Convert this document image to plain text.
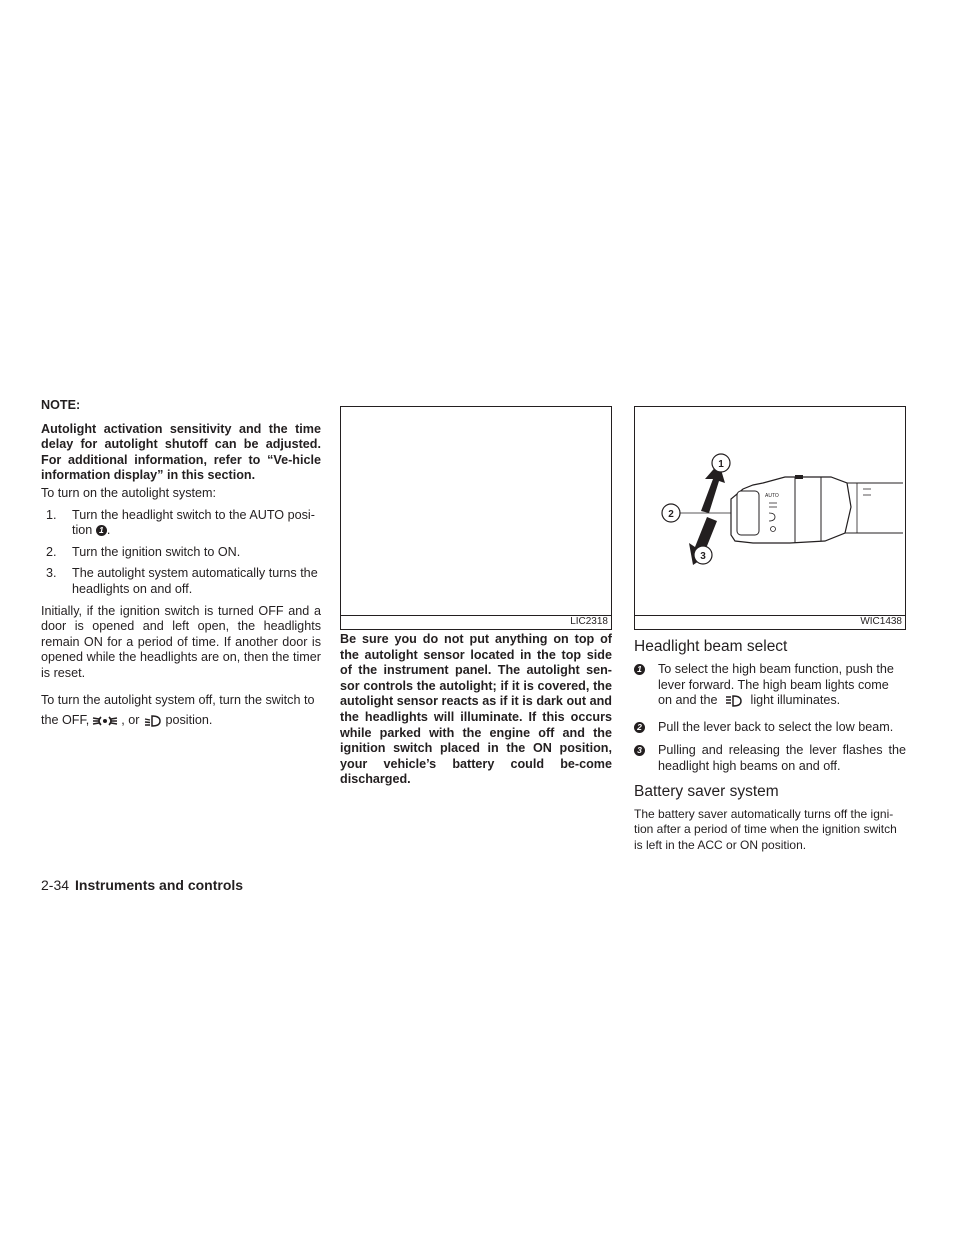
NOTE:

Autolight activation sensitivity and the time delay for autolight shutoff can be adjusted. For additional information, refer to “Ve-hicle information display” in this section.

To turn on the autolight system:

1. Turn the headlight switch to the AUTO posi-tion 1 .
2. Turn the ignition switch to ON.
3. The autolight system automatically turns the headlights on and off.

Initially, if the ignition switch is turned OFF and a door is opened and left open, the headlights remain ON for a period of time. If another door is opened while the headlights are on, then the timer is reset.

To turn the autolight system off, turn the switch to the OFF,	, or position.

LIC2318

Be sure you do not put anything on top of the autolight sensor located in the top side of the instrument panel. The autolight sen-sor controls the autolight; if it is covered, the autolight sensor reacts as if it is dark out and the headlights will illuminate. If this occurs while parked with the engine off and the ignition switch placed in the ON position, your vehicle’s battery could be-come discharged.

AUTO
1
2
3
WIC1438
Headlight beam select
1 To select the high beam function, push the lever forward. The high beam lights come on and the	light illuminates.
2 Pull the lever back to select the low beam.
3 Pulling and releasing the lever flashes the headlight high beams on and off.
Battery saver system

The battery saver automatically turns off the igni-tion after a period of time when the ignition switch is left in the ACC or ON position.

2-34 Instruments and controls
